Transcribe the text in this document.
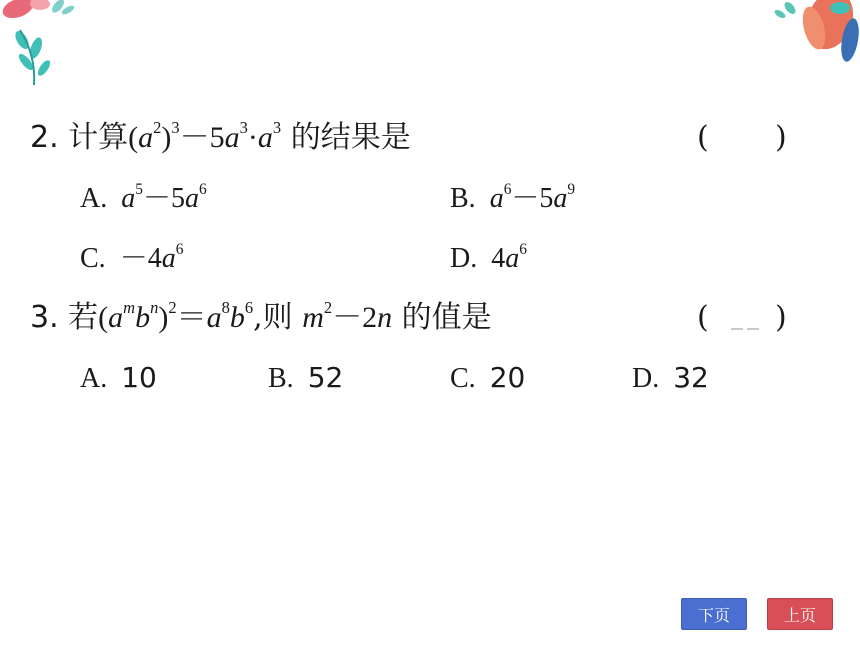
2. 计算$(a^2)^3-5a^3\cdot a^3$ 的结果是	( )
A. $a^5-5a^6$	B. $a^6-5a^9$
C. $-4a^6$	D. $4a^6$
3. 若$(a^mb^n)^2=a^8b^6$,则 $m^2-2n$ 的值是	( )
A. 10	B. 52	C. 20	D. 32
下页	上页
